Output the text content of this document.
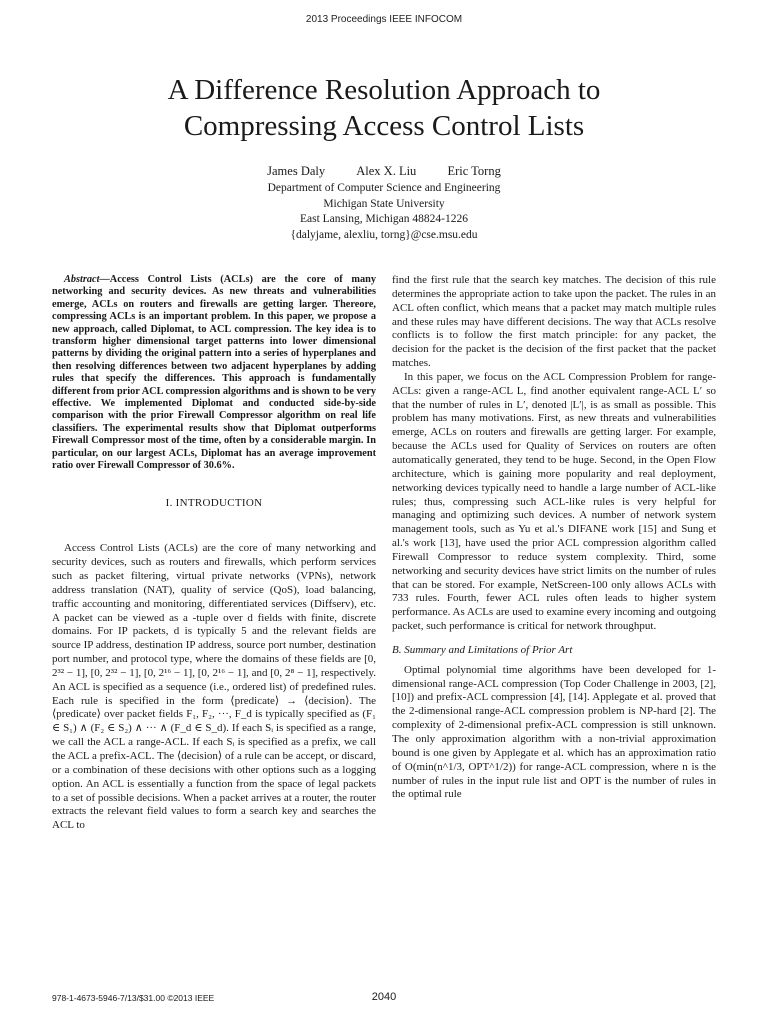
2013 Proceedings IEEE INFOCOM
A Difference Resolution Approach to
Compressing Access Control Lists
James Daly Alex X. Liu Eric Torng
Department of Computer Science and Engineering
Michigan State University
East Lansing, Michigan 48824-1226
{dalyjame, alexliu, torng}@cse.msu.edu

Abstract—Access Control Lists (ACLs) are the core of many networking and security devices. As new threats and vulnerabilities emerge, ACLs on routers and firewalls are getting larger. Thereore, compressing ACLs is an important problem. In this paper, we propose a new approach, called Diplomat, to ACL compression. The key idea is to transform higher dimensional target patterns into lower dimensional patterns by dividing the original pattern into a series of hyperplanes and then resolving differences between two adjacent hyperplanes by adding rules that specify the differences. This approach is fundamentally different from prior ACL compression algorithms and is shown to be very effective. We implemented Diplomat and conducted side-by-side comparison with the prior Firewall Compressor algorithm on real life classifiers. The experimental results show that Diplomat outperforms Firewall Compressor most of the time, often by a considerable margin. In particular, on our largest ACLs, Diplomat has an average improvement ratio over Firewall Compressor of 30.6%.

I. INTRODUCTION

Access Control Lists (ACLs) are the core of many networking and security devices, such as routers and firewalls, which perform services such as packet filtering, virtual private networks (VPNs), network address translation (NAT), quality of service (QoS), load balancing, traffic accounting and monitoring, differentiated services (Diffserv), etc. A packet can be viewed as a -tuple over d fields with finite, discrete domains. For IP packets, d is typically 5 and the relevant fields are source IP address, destination IP address, source port number, destination port number, and protocol type, where the domains of these fields are [0, 2³² − 1], [0, 2³² − 1], [0, 2¹⁶ − 1], [0, 2¹⁶ − 1], and [0, 2⁸ − 1], respectively. An ACL is specified as a sequence (i.e., ordered list) of predefined rules. Each rule is specified in the form ⟨predicate⟩ → ⟨decision⟩. The ⟨predicate⟩ over packet fields F₁, F₂, ···, F_d is typically specified as (F₁ ∈ S₁) ∧ (F₂ ∈ S₂) ∧ ··· ∧ (F_d ∈ S_d). If each Sᵢ is specified as a range, we call the ACL a range-ACL. If each Sᵢ is specified as a prefix, we call the ACL a prefix-ACL. The ⟨decision⟩ of a rule can be accept, or discard, or a combination of these decisions with other options such as a logging option. An ACL is essentially a function from the space of legal packets to a set of possible decisions. When a packet arrives at a router, the router extracts the relevant field values to form a search key and searches the ACL to

find the first rule that the search key matches. The decision of this rule determines the appropriate action to take upon the packet. The rules in an ACL often conflict, which means that a packet may match multiple rules and these rules may have different decisions. The way that ACLs resolve conflicts is to follow the first match principle: for any packet, the decision for the packet is the decision of the first packet that the packet matches.

In this paper, we focus on the ACL Compression Problem for range-ACLs: given a range-ACL L, find another equivalent range-ACL L′ so that the number of rules in L′, denoted |L′|, is as small as possible. This problem has many motivations. First, as new threats and vulnerabilities emerge, ACLs on routers and firewalls are getting larger. For example, because the ACLs used for Quality of Services on routers are often automatically generated, they tend to be huge. Second, in the Open Flow architecture, which is gaining more popularity and real deployment, networking devices typically need to handle a large number of ACL-like rules; thus, compressing such ACL-like rules is very helpful for managing and optimizing such devices. A number of network system management tools, such as Yu et al.'s DIFANE work [15] and Sung et al.'s work [13], have used the prior ACL compression algorithm called Firewall Compressor to reduce system complexity. Third, some networking and security devices have strict limits on the number of rules that can be stored. For example, NetScreen-100 only allows ACLs with 733 rules. Fourth, fewer ACL rules often leads to higher system performance. As ACLs are used to examine every incoming and outgoing packet, such performance is critical for network throughput.

B. Summary and Limitations of Prior Art

Optimal polynomial time algorithms have been developed for 1-dimensional range-ACL compression (Top Coder Challenge in 2003, [2], [10]) and prefix-ACL compression [4], [14]. Applegate et al. proved that the 2-dimensional range-ACL compression problem is NP-hard [2]. The complexity of 2-dimensional prefix-ACL compression is still unknown. The only approximation algorithm with a non-trivial approximation bound is one given by Applegate et al. which has an approximation ratio of O(min(n^1/3, OPT^1/2)) for range-ACL compression, where n is the number of rules in the input rule list and OPT is the number of rules in the optimal rule

978-1-4673-5946-7/13/$31.00 ©2013 IEEE	2040
